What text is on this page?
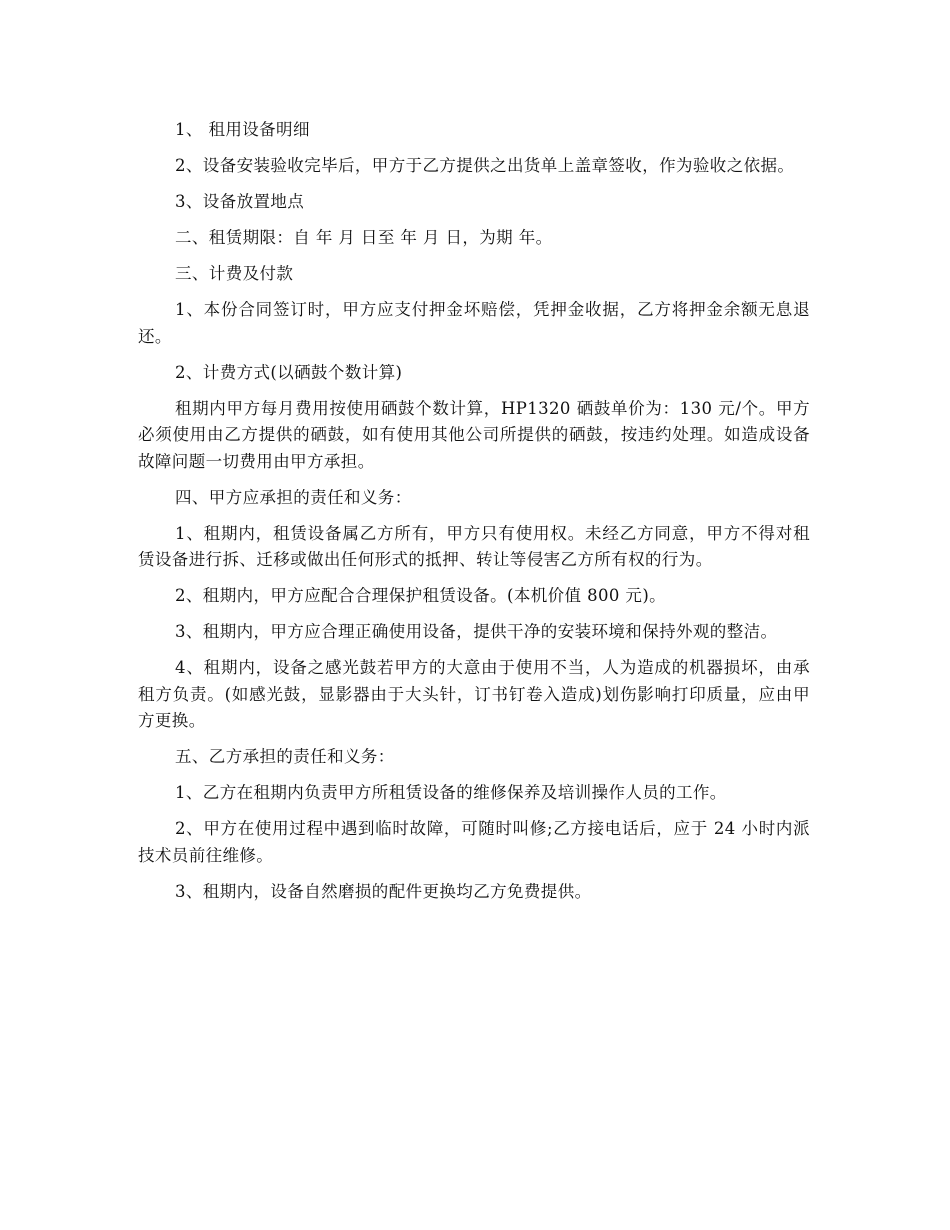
1、 租用设备明细

2、设备安装验收完毕后，甲方于乙方提供之出货单上盖章签收，作为验收之依据。

3、设备放置地点

二、租赁期限：自 年 月 日至 年 月 日，为期 年。

三、计费及付款

1、本份合同签订时，甲方应支付押金坏赔偿，凭押金收据，乙方将押金余额无息退还。

2、计费方式(以硒鼓个数计算)

租期内甲方每月费用按使用硒鼓个数计算，HP1320 硒鼓单价为：130 元/个。甲方必须使用由乙方提供的硒鼓，如有使用其他公司所提供的硒鼓，按违约处理。如造成设备故障问题一切费用由甲方承担。

四、甲方应承担的责任和义务：

1、租期内，租赁设备属乙方所有，甲方只有使用权。未经乙方同意，甲方不得对租赁设备进行拆、迁移或做出任何形式的抵押、转让等侵害乙方所有权的行为。

2、租期内，甲方应配合合理保护租赁设备。(本机价值 800 元)。

3、租期内，甲方应合理正确使用设备，提供干净的安装环境和保持外观的整洁。

4、租期内，设备之感光鼓若甲方的大意由于使用不当，人为造成的机器损坏，由承租方负责。(如感光鼓，显影器由于大头针，订书钉卷入造成)划伤影响打印质量，应由甲方更换。

五、乙方承担的责任和义务：

1、乙方在租期内负责甲方所租赁设备的维修保养及培训操作人员的工作。

2、甲方在使用过程中遇到临时故障，可随时叫修;乙方接电话后，应于 24 小时内派技术员前往维修。

3、租期内，设备自然磨损的配件更换均乙方免费提供。
